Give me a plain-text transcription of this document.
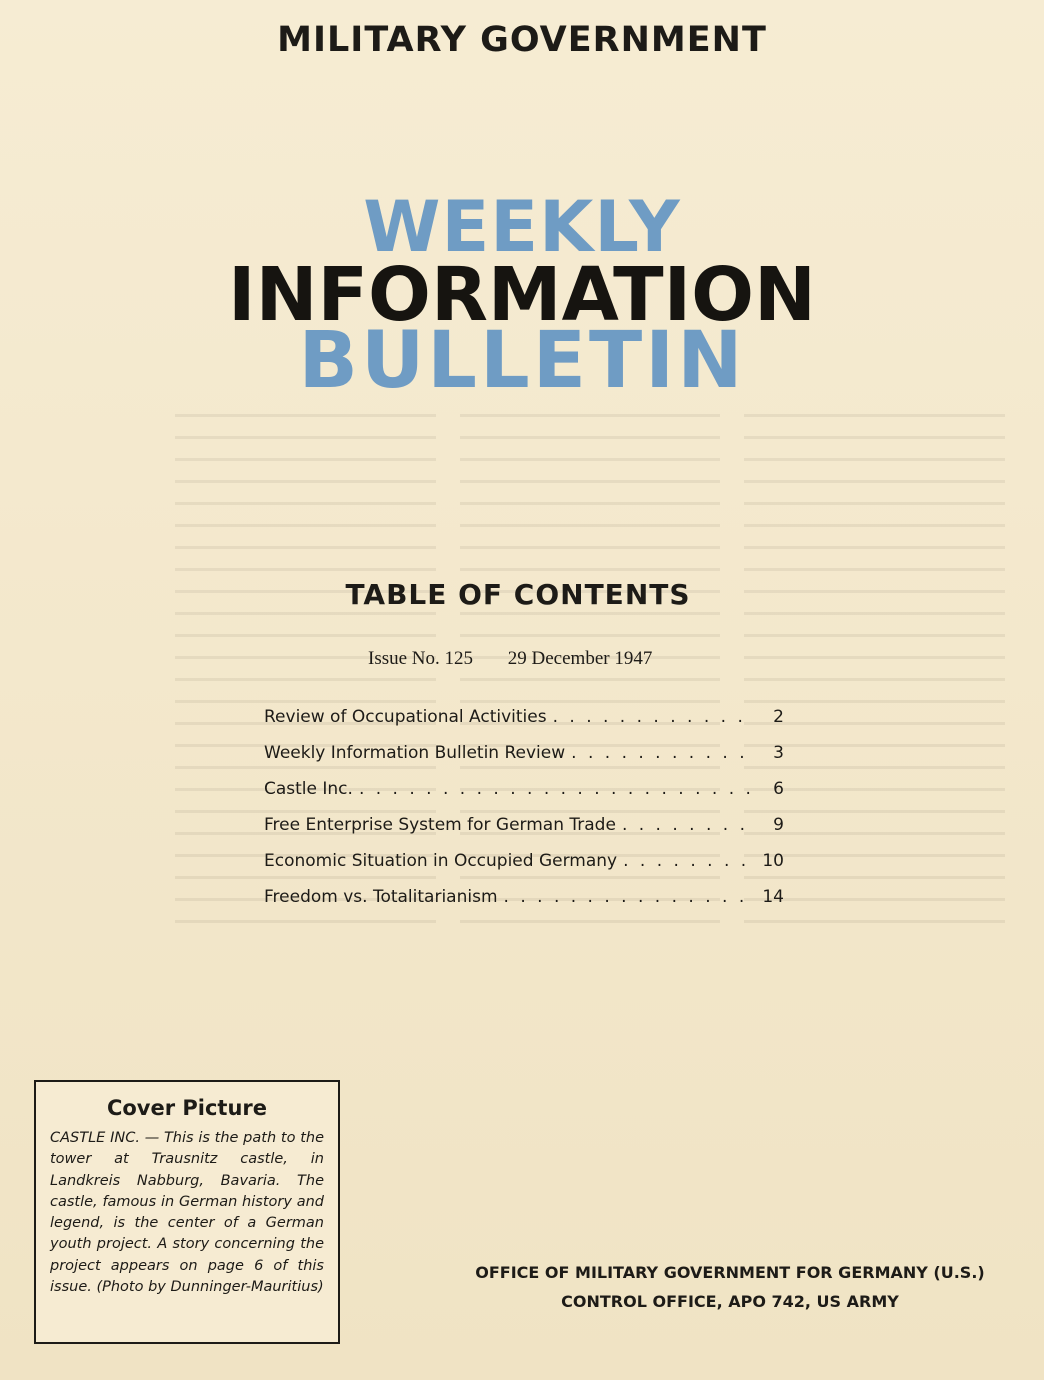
MILITARY GOVERNMENT
WEEKLY
INFORMATION
BULLETIN
TABLE OF CONTENTS
Issue No. 125 29 December 1947
Review of Occupational Activities . . .	2
Weekly Information Bulletin Review . . .	3
Castle Inc. . . .	6
Free Enterprise System for German Trade . . .	9
Economic Situation in Occupied Germany . . .	10
Freedom vs. Totalitarianism . . .	14
Cover Picture
CASTLE INC. — This is the path to the tower at Trausnitz castle, in Landkreis Nabburg, Bavaria. The castle, famous in German history and legend, is the center of a German youth project. A story concerning the project appears on page 6 of this issue. (Photo by Dunninger-Mauritius)
OFFICE OF MILITARY GOVERNMENT FOR GERMANY (U.S.)
CONTROL OFFICE, APO 742, US ARMY
